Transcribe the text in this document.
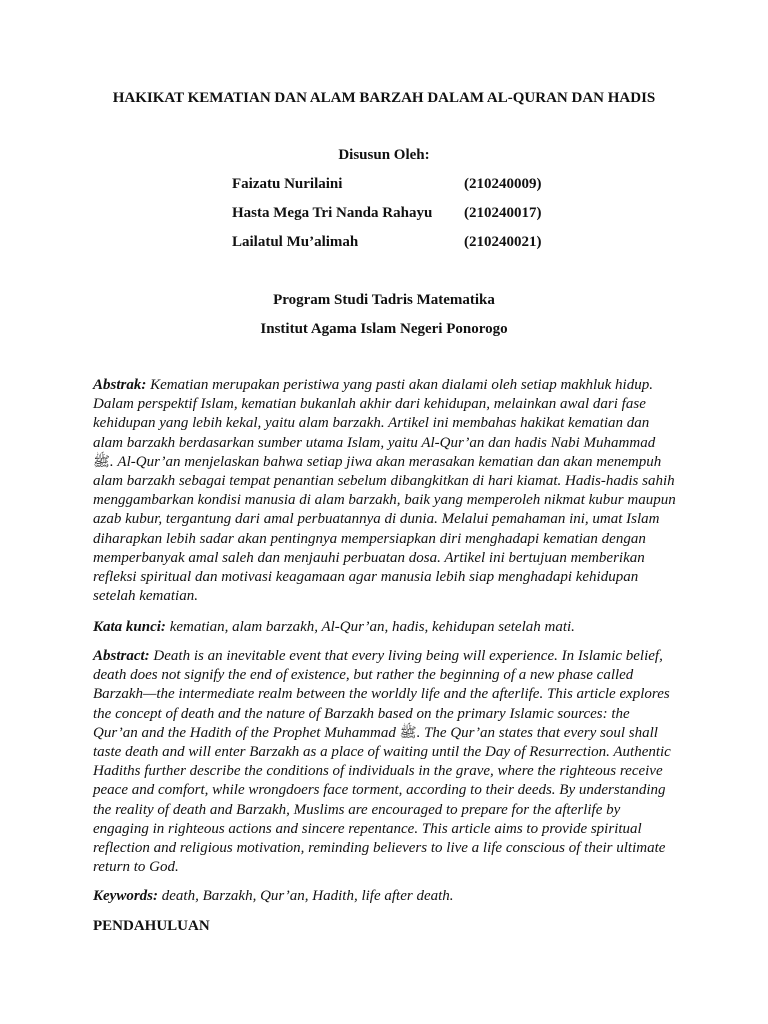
HAKIKAT KEMATIAN DAN ALAM BARZAH DALAM AL-QURAN DAN HADIS
Disusun Oleh:
Faizatu Nurilaini	(210240009)
Hasta Mega Tri Nanda Rahayu (210240017)
Lailatul Mu’alimah	(210240021)
Program Studi Tadris Matematika
Institut Agama Islam Negeri Ponorogo

Abstrak: Kematian merupakan peristiwa yang pasti akan dialami oleh setiap makhluk hidup. Dalam perspektif Islam, kematian bukanlah akhir dari kehidupan, melainkan awal dari fase kehidupan yang lebih kekal, yaitu alam barzakh. Artikel ini membahas hakikat kematian dan alam barzakh berdasarkan sumber utama Islam, yaitu Al-Qur’an dan hadis Nabi Muhammad ﷺ. Al-Qur’an menjelaskan bahwa setiap jiwa akan merasakan kematian dan akan menempuh alam barzakh sebagai tempat penantian sebelum dibangkitkan di hari kiamat. Hadis-hadis sahih menggambarkan kondisi manusia di alam barzakh, baik yang memperoleh nikmat kubur maupun azab kubur, tergantung dari amal perbuatannya di dunia. Melalui pemahaman ini, umat Islam diharapkan lebih sadar akan pentingnya mempersiapkan diri menghadapi kematian dengan memperbanyak amal saleh dan menjauhi perbuatan dosa. Artikel ini bertujuan memberikan refleksi spiritual dan motivasi keagamaan agar manusia lebih siap menghadapi kehidupan setelah kematian.

Kata kunci: kematian, alam barzakh, Al-Qur’an, hadis, kehidupan setelah mati.

Abstract: Death is an inevitable event that every living being will experience. In Islamic belief, death does not signify the end of existence, but rather the beginning of a new phase called Barzakh—the intermediate realm between the worldly life and the afterlife. This article explores the concept of death and the nature of Barzakh based on the primary Islamic sources: the Qur’an and the Hadith of the Prophet Muhammad ﷺ. The Qur’an states that every soul shall taste death and will enter Barzakh as a place of waiting until the Day of Resurrection. Authentic Hadiths further describe the conditions of individuals in the grave, where the righteous receive peace and comfort, while wrongdoers face torment, according to their deeds. By understanding the reality of death and Barzakh, Muslims are encouraged to prepare for the afterlife by engaging in righteous actions and sincere repentance. This article aims to provide spiritual reflection and religious motivation, reminding believers to live a life conscious of their ultimate return to God.

Keywords: death, Barzakh, Qur’an, Hadith, life after death.

PENDAHULUAN
